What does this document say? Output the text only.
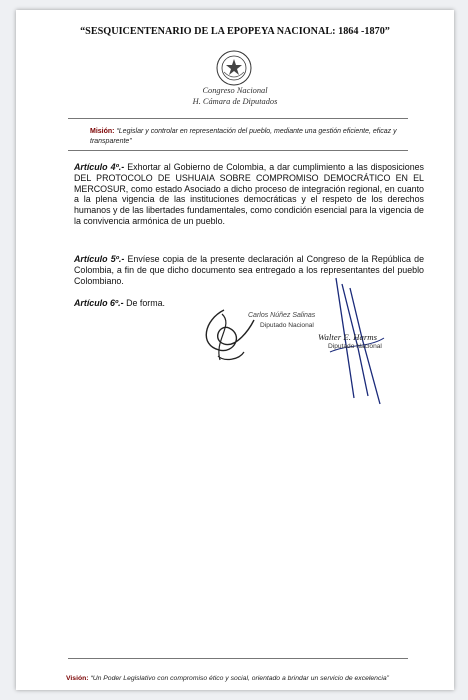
“SESQUICENTENARIO DE LA EPOPEYA NACIONAL: 1864 -1870”
Congreso Nacional
H. Cámara de Diputados
Misión: “Legislar y controlar en representación del pueblo, mediante una gestión eficiente, eficaz y transparente”
Artículo 4º.- Exhortar al Gobierno de Colombia, a dar cumplimiento a las disposiciones DEL PROTOCOLO DE USHUAIA SOBRE COMPROMISO DEMOCRÁTICO EN EL MERCOSUR, como estado Asociado a dicho proceso de integración regional, en cuanto a la plena vigencia de las instituciones democráticas y el respeto de los derechos humanos y de las libertades fundamentales, como condición esencial para la vigencia de la convivencia armónica de un pueblo.
Artículo 5º.- Envíese copia de la presente declaración al Congreso de la República de Colombia, a fin de que dicho documento sea entregado a los representantes del pueblo Colombiano.
Artículo 6º.- De forma.
Carlos Núñez Salinas
Diputado Nacional
Walter E. Harms
Diputado Nacional
Visión: “Un Poder Legislativo con compromiso ético y social, orientado a brindar un servicio de excelencia”
